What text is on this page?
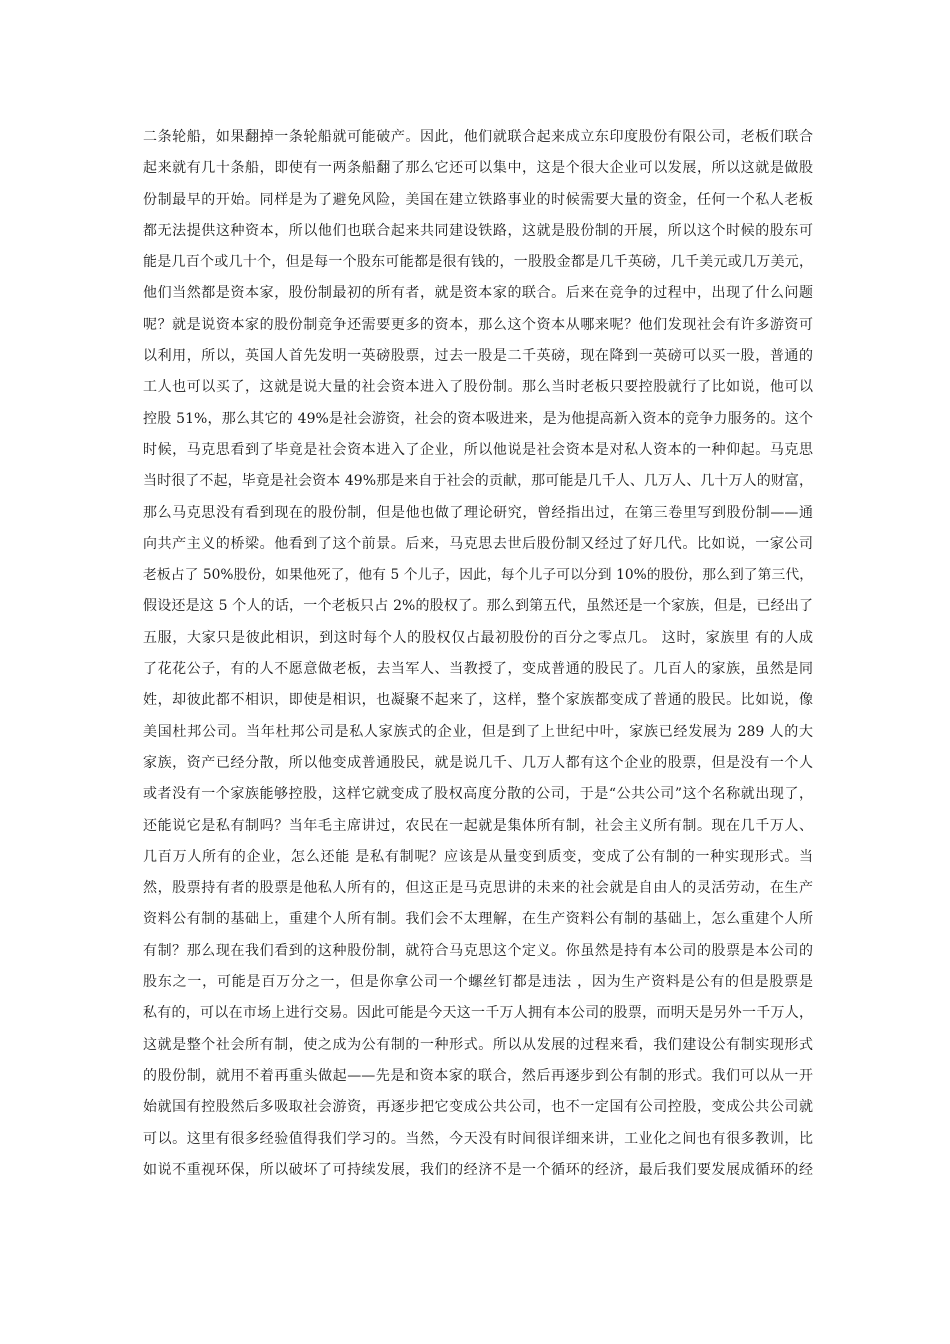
二条轮船，如果翻掉一条轮船就可能破产。因此，他们就联合起来成立东印度股份有限公司，老板们联合
起来就有几十条船，即使有一两条船翻了那么它还可以集中，这是个很大企业可以发展，所以这就是做股
份制最早的开始。同样是为了避免风险，美国在建立铁路事业的时候需要大量的资金，任何一个私人老板
都无法提供这种资本，所以他们也联合起来共同建设铁路，这就是股份制的开展，所以这个时候的股东可
能是几百个或几十个，但是每一个股东可能都是很有钱的，一股股金都是几千英磅，几千美元或几万美元，
他们当然都是资本家，股份制最初的所有者，就是资本家的联合。后来在竞争的过程中，出现了什么问题
呢？就是说资本家的股份制竞争还需要更多的资本，那么这个资本从哪来呢？他们发现社会有许多游资可
以利用，所以，英国人首先发明一英磅股票，过去一股是二千英磅，现在降到一英磅可以买一股，普通的
工人也可以买了，这就是说大量的社会资本进入了股份制。那么当时老板只要控股就行了比如说，他可以
控股 51%，那么其它的 49%是社会游资，社会的资本吸进来，是为他提高新入资本的竞争力服务的。这个
时候，马克思看到了毕竟是社会资本进入了企业，所以他说是社会资本是对私人资本的一种仰起。马克思
当时很了不起，毕竟是社会资本 49%那是来自于社会的贡献，那可能是几千人、几万人、几十万人的财富，
那么马克思没有看到现在的股份制，但是他也做了理论研究，曾经指出过，在第三卷里写到股份制——通
向共产主义的桥梁。他看到了这个前景。后来，马克思去世后股份制又经过了好几代。比如说，一家公司
老板占了 50%股份，如果他死了，他有 5 个儿子，因此，每个儿子可以分到 10%的股份，那么到了第三代，
假设还是这 5 个人的话，一个老板只占 2%的股权了。那么到第五代，虽然还是一个家族，但是，已经出了
五服，大家只是彼此相识，到这时每个人的股权仅占最初股份的百分之零点几。 这时，家族里 有的人成
了花花公子，有的人不愿意做老板，去当军人、当教授了，变成普通的股民了。几百人的家族，虽然是同
姓，却彼此都不相识，即使是相识，也凝聚不起来了，这样，整个家族都变成了普通的股民。比如说，像
美国杜邦公司。当年杜邦公司是私人家族式的企业，但是到了上世纪中叶，家族已经发展为 289 人的大
家族，资产已经分散，所以他变成普通股民，就是说几千、几万人都有这个企业的股票，但是没有一个人
或者没有一个家族能够控股，这样它就变成了股权高度分散的公司，于是“公共公司”这个名称就出现了，
还能说它是私有制吗？当年毛主席讲过，农民在一起就是集体所有制，社会主义所有制。现在几千万人、
几百万人所有的企业，怎么还能 是私有制呢？应该是从量变到质变，变成了公有制的一种实现形式。当
然，股票持有者的股票是他私人所有的，但这正是马克思讲的未来的社会就是自由人的灵活劳动，在生产
资料公有制的基础上，重建个人所有制。我们会不太理解，在生产资料公有制的基础上，怎么重建个人所
有制？那么现在我们看到的这种股份制，就符合马克思这个定义。你虽然是持有本公司的股票是本公司的
股东之一，可能是百万分之一，但是你拿公司一个螺丝钉都是违法 ，因为生产资料是公有的但是股票是
私有的，可以在市场上进行交易。因此可能是今天这一千万人拥有本公司的股票，而明天是另外一千万人，
这就是整个社会所有制，使之成为公有制的一种形式。所以从发展的过程来看，我们建设公有制实现形式
的股份制，就用不着再重头做起——先是和资本家的联合，然后再逐步到公有制的形式。我们可以从一开
始就国有控股然后多吸取社会游资，再逐步把它变成公共公司，也不一定国有公司控股，变成公共公司就
可以。这里有很多经验值得我们学习的。当然，今天没有时间很详细来讲，工业化之间也有很多教训，比
如说不重视环保，所以破坏了可持续发展，我们的经济不是一个循环的经济，最后我们要发展成循环的经
